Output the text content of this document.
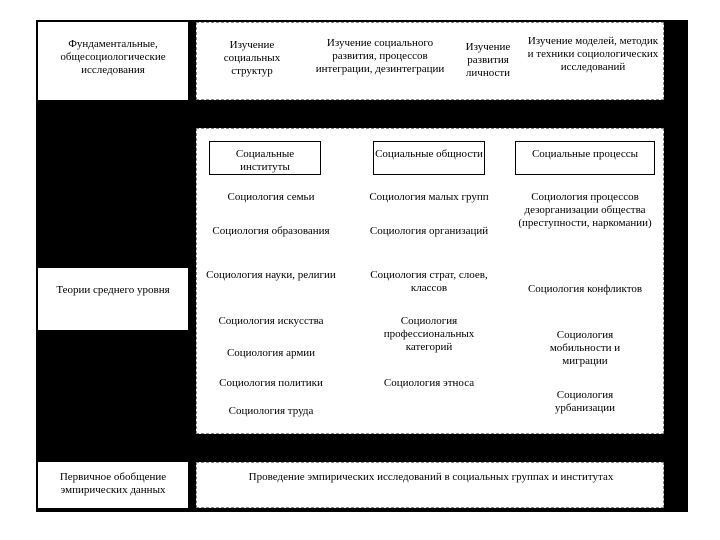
Фундаментальные, общесоциологические исследования
Теории среднего уровня
Первичное обобщение эмпирических данных
Изучение социальных структур
Изучение социального развития, процессов интеграции, дезинтеграции
Изучение развития личности
Изучение моделей, методик и техники социологических исследований
Социальные институты
Социальные общности	Социальные процессы
Социология семьи
Социология образования
Социология науки, религии
Социология искусства
Социология армии
Социология политики
Социология труда
Социология малых групп
Социология организаций
Социология страт, слоев, классов
Социология профессиональных категорий
Социология этноса
Социология процессов дезорганизации общества (преступности, наркомании)
Социология конфликтов
Социология мобильности и миграции
Социология урбанизации
Проведение эмпирических исследований в социальных группах и институтах
